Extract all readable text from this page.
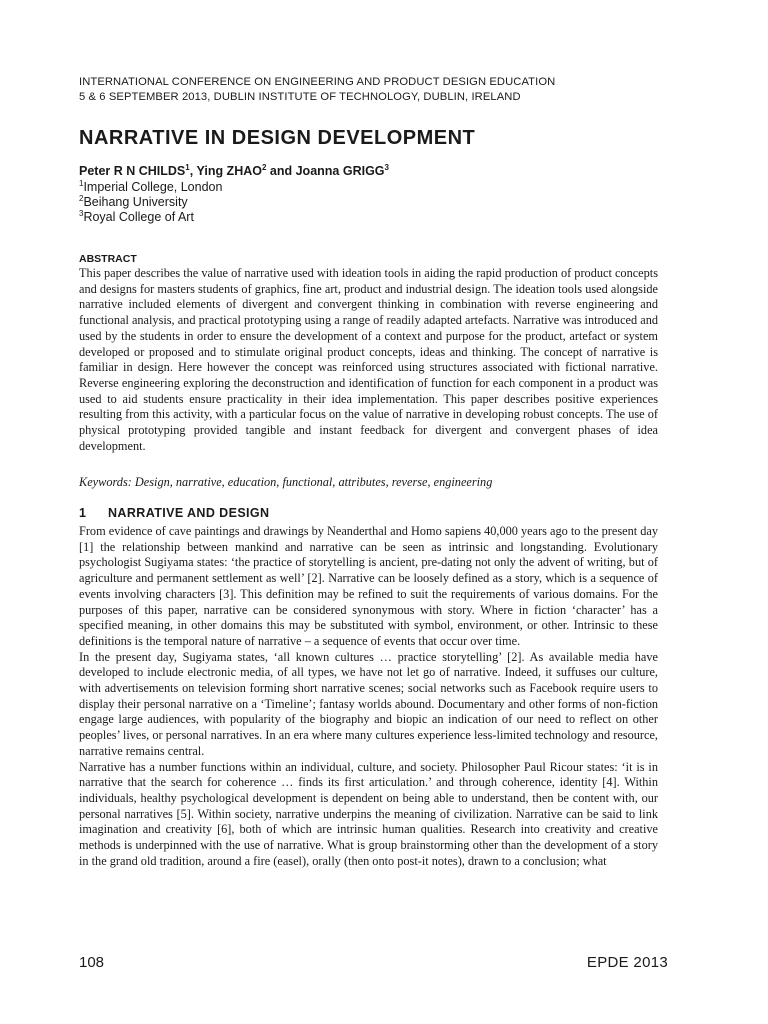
INTERNATIONAL CONFERENCE ON ENGINEERING AND PRODUCT DESIGN EDUCATION
5 & 6 SEPTEMBER 2013, DUBLIN INSTITUTE OF TECHNOLOGY, DUBLIN, IRELAND
NARRATIVE IN DESIGN DEVELOPMENT
Peter R N CHILDS$^1$, Ying ZHAO$^2$ and Joanna GRIGG$^3$
$^1$Imperial College, London
$^2$Beihang University
$^3$Royal College of Art
ABSTRACT
This paper describes the value of narrative used with ideation tools in aiding the rapid production of product concepts and designs for masters students of graphics, fine art, product and industrial design. The ideation tools used alongside narrative included elements of divergent and convergent thinking in combination with reverse engineering and functional analysis, and practical prototyping using a range of readily adapted artefacts. Narrative was introduced and used by the students in order to ensure the development of a context and purpose for the product, artefact or system developed or proposed and to stimulate original product concepts, ideas and thinking. The concept of narrative is familiar in design. Here however the concept was reinforced using structures associated with fictional narrative. Reverse engineering exploring the deconstruction and identification of function for each component in a product was used to aid students ensure practicality in their idea implementation. This paper describes positive experiences resulting from this activity, with a particular focus on the value of narrative in developing robust concepts. The use of physical prototyping provided tangible and instant feedback for divergent and convergent phases of idea development.
Keywords: Design, narrative, education, functional, attributes, reverse, engineering
1 NARRATIVE AND DESIGN

From evidence of cave paintings and drawings by Neanderthal and Homo sapiens 40,000 years ago to the present day [1] the relationship between mankind and narrative can be seen as intrinsic and longstanding. Evolutionary psychologist Sugiyama states: ‘the practice of storytelling is ancient, pre-dating not only the advent of writing, but of agriculture and permanent settlement as well’ [2]. Narrative can be loosely defined as a story, which is a sequence of events involving characters [3]. This definition may be refined to suit the requirements of various domains. For the purposes of this paper, narrative can be considered synonymous with story. Where in fiction ‘character’ has a specified meaning, in other domains this may be substituted with symbol, environment, or other. Intrinsic to these definitions is the temporal nature of narrative – a sequence of events that occur over time.

In the present day, Sugiyama states, ‘all known cultures … practice storytelling’ [2]. As available media have developed to include electronic media, of all types, we have not let go of narrative. Indeed, it suffuses our culture, with advertisements on television forming short narrative scenes; social networks such as Facebook require users to display their personal narrative on a ‘Timeline’; fantasy worlds abound. Documentary and other forms of non-fiction engage large audiences, with popularity of the biography and biopic an indication of our need to reflect on other peoples’ lives, or personal narratives. In an era where many cultures experience less-limited technology and resource, narrative remains central.

Narrative has a number functions within an individual, culture, and society. Philosopher Paul Ricour states: ‘it is in narrative that the search for coherence … finds its first articulation.’ and through coherence, identity [4]. Within individuals, healthy psychological development is dependent on being able to understand, then be content with, our personal narratives [5]. Within society, narrative underpins the meaning of civilization. Narrative can be said to link imagination and creativity [6], both of which are intrinsic human qualities. Research into creativity and creative methods is underpinned with the use of narrative. What is group brainstorming other than the development of a story in the grand old tradition, around a fire (easel), orally (then onto post-it notes), drawn to a conclusion; what

108	EPDE 2013
